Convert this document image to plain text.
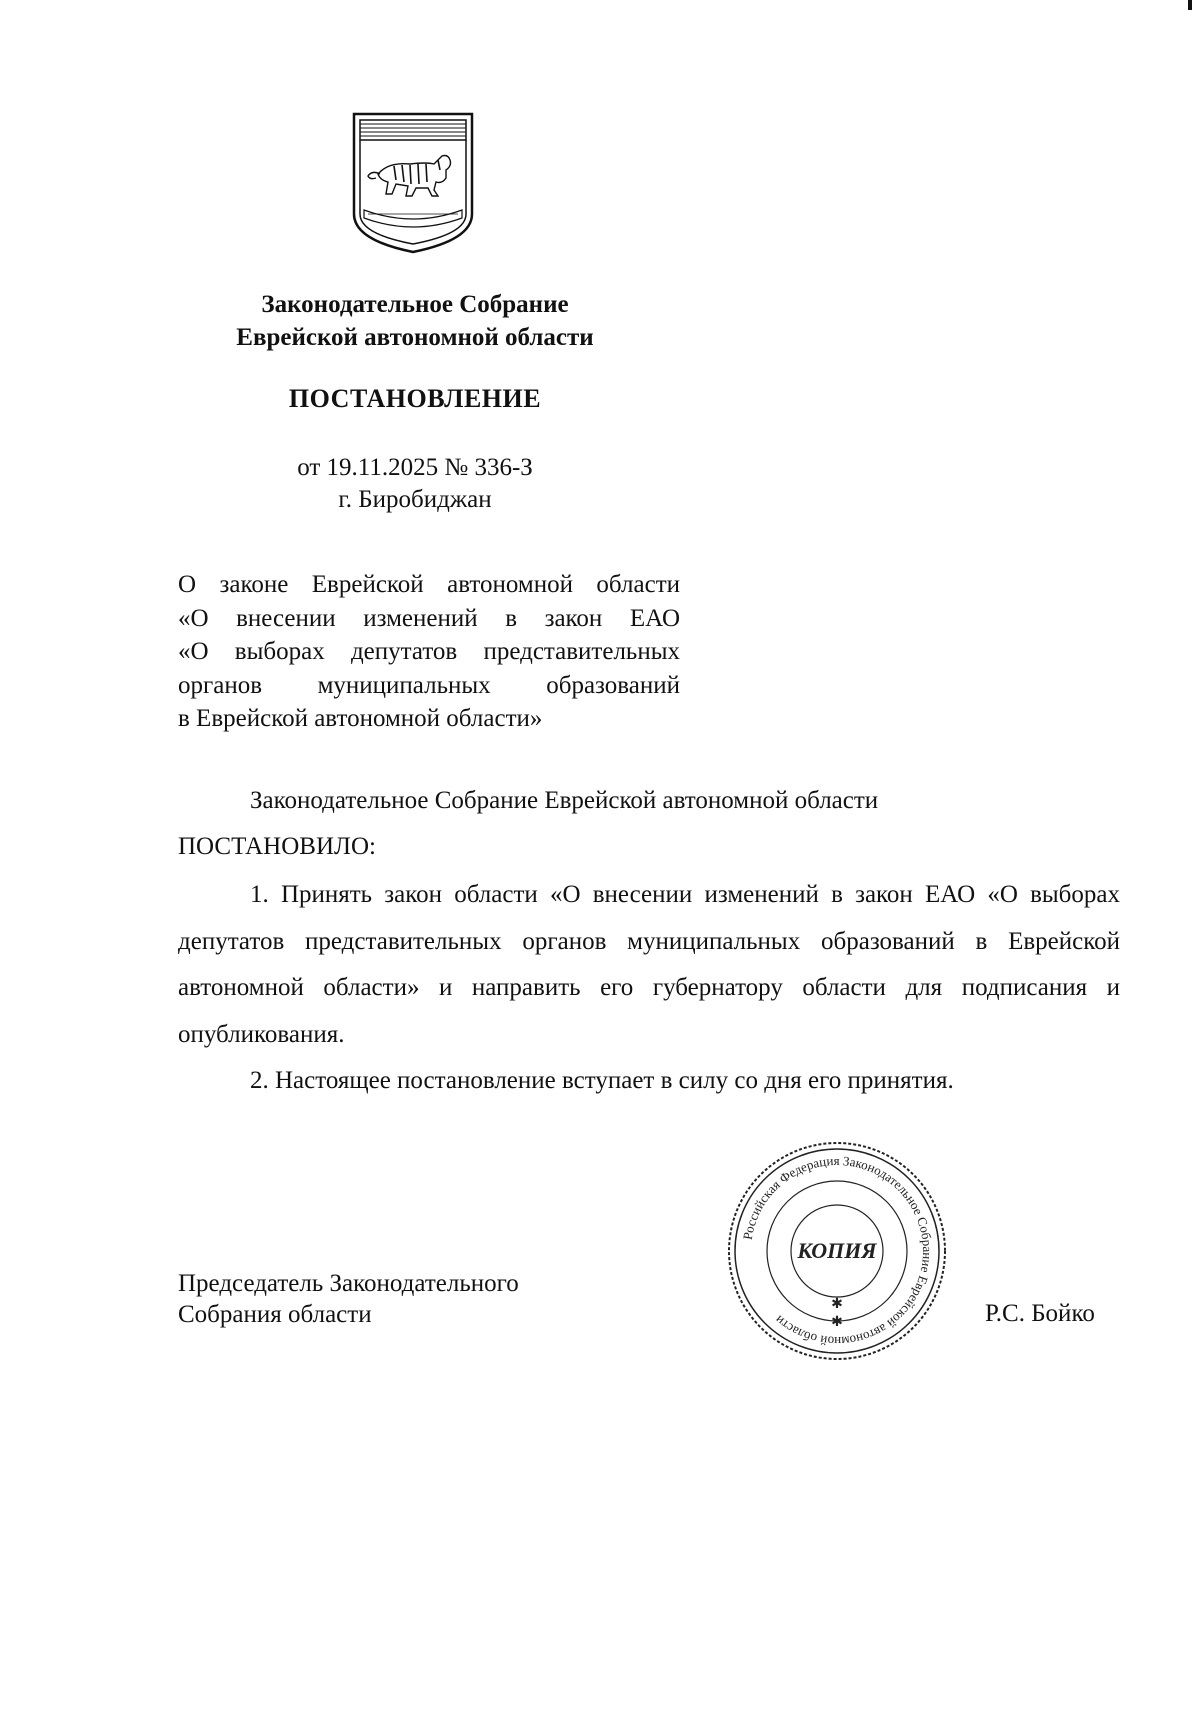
Законодательное Собрание
Еврейской автономной области
ПОСТАНОВЛЕНИЕ
от 19.11.2025 № 336-З
г. Биробиджан
О законе Еврейской автономной области
«О внесении изменений в закон ЕАО
«О выборах депутатов представительных
органов муниципальных образований
в Еврейской автономной области»
Законодательное Собрание Еврейской автономной области
ПОСТАНОВИЛО:

1. Принять закон области «О внесении изменений в закон ЕАО «О выборах депутатов представительных органов муниципальных образований в Еврейской автономной области» и направить его губернатору области для подписания и опубликования.

2. Настоящее постановление вступает в силу со дня его принятия.

Председатель Законодательного
Собрания области
Российская Федерация Законодательное Собрание Еврейской автономной области
КОПИЯ
✱
✱	Р.С. Бойко
